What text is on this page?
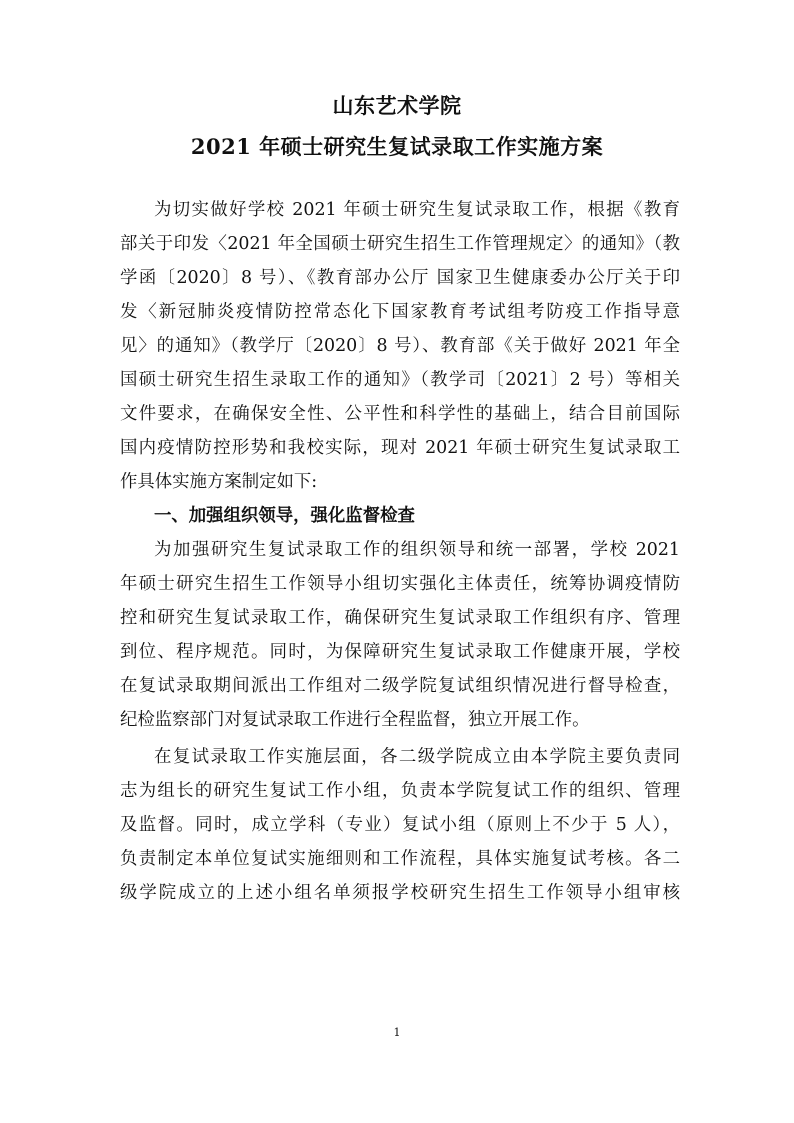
山东艺术学院
2021 年硕士研究生复试录取工作实施方案
为切实做好学校 2021 年硕士研究生复试录取工作，根据《教育
部关于印发〈2021 年全国硕士研究生招生工作管理规定〉的通知》（教
学函〔2020〕8 号）、《教育部办公厅 国家卫生健康委办公厅关于印
发〈新冠肺炎疫情防控常态化下国家教育考试组考防疫工作指导意
见〉的通知》（教学厅〔2020〕8 号）、教育部《关于做好 2021 年全
国硕士研究生招生录取工作的通知》（教学司〔2021〕2 号）等相关
文件要求，在确保安全性、公平性和科学性的基础上，结合目前国际
国内疫情防控形势和我校实际，现对 2021 年硕士研究生复试录取工
作具体实施方案制定如下:
一、加强组织领导，强化监督检查
为加强研究生复试录取工作的组织领导和统一部署，学校 2021
年硕士研究生招生工作领导小组切实强化主体责任，统筹协调疫情防
控和研究生复试录取工作，确保研究生复试录取工作组织有序、管理
到位、程序规范。同时，为保障研究生复试录取工作健康开展，学校
在复试录取期间派出工作组对二级学院复试组织情况进行督导检查，
纪检监察部门对复试录取工作进行全程监督，独立开展工作。
在复试录取工作实施层面，各二级学院成立由本学院主要负责同
志为组长的研究生复试工作小组，负责本学院复试工作的组织、管理
及监督。同时，成立学科（专业）复试小组（原则上不少于 5 人），
负责制定本单位复试实施细则和工作流程，具体实施复试考核。各二
级学院成立的上述小组名单须报学校研究生招生工作领导小组审核
1
